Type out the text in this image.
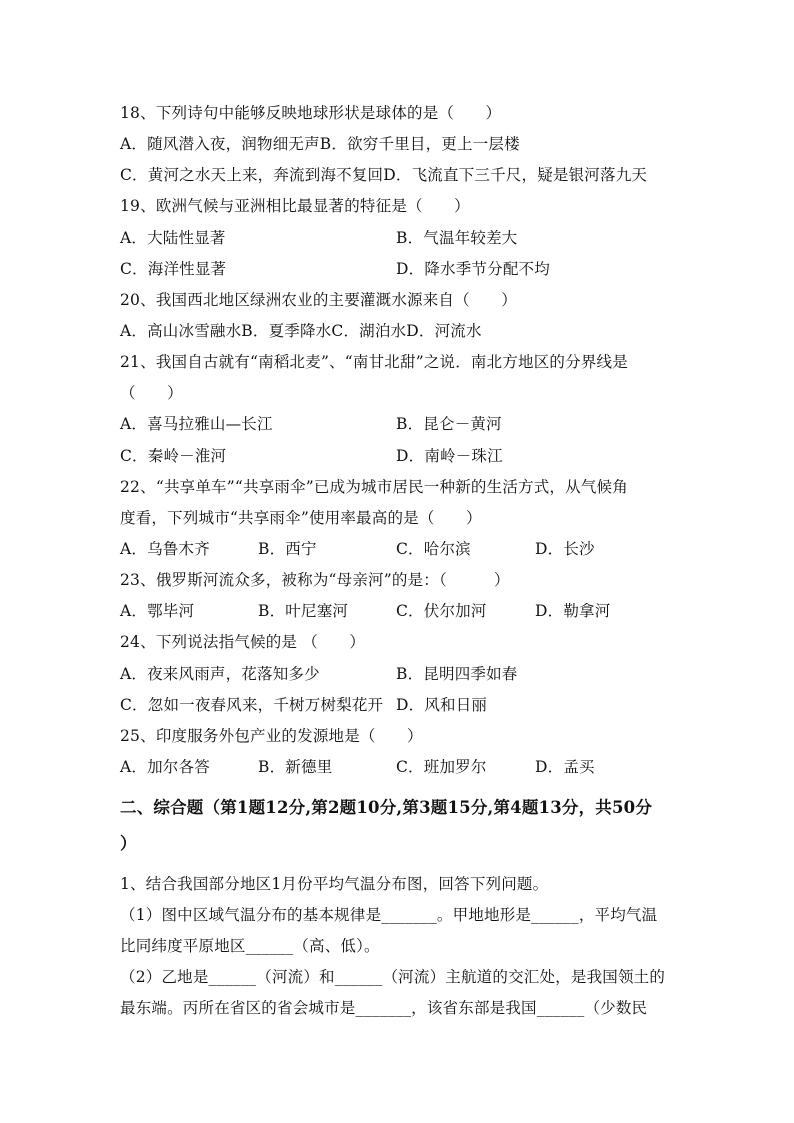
18、下列诗句中能够反映地球形状是球体的是（　　）
A．随风潜入夜，润物细无声B．欲穷千里目，更上一层楼
C．黄河之水天上来，奔流到海不复回D．飞流直下三千尺，疑是银河落九天
19、欧洲气候与亚洲相比最显著的特征是（　　）
A．大陆性显著	B．气温年较差大
C．海洋性显著	D．降水季节分配不均
20、我国西北地区绿洲农业的主要灌溉水源来自（　　）
A．高山冰雪融水B．夏季降水C．湖泊水D．河流水
21、我国自古就有“南稻北麦”、“南甘北甜”之说．南北方地区的分界线是
（　　）
A．喜马拉雅山—长江	B．昆仑－黄河
C．秦岭－淮河	D．南岭－珠江
22、“共享单车”“共享雨伞”已成为城市居民一种新的生活方式，从气候角
度看，下列城市“共享雨伞”使用率最高的是（　　）
A．乌鲁木齐	B．西宁	C．哈尔滨	D．长沙
23、俄罗斯河流众多，被称为“母亲河”的是：（　　　）
A．鄂毕河	B．叶尼塞河	C．伏尔加河	D．勒拿河
24、下列说法指气候的是 （　　）
A．夜来风雨声，花落知多少	B．昆明四季如春
C．忽如一夜春风来，千树万树梨花开 D．风和日丽
25、印度服务外包产业的发源地是（　　）
A．加尔各答	B．新德里	C．班加罗尔	D．孟买
二、综合题（第1题12分,第2题10分,第3题15分,第4题13分，共50分
）
1、结合我国部分地区1月份平均气温分布图，回答下列问题。
（1）图中区域气温分布的基本规律是_______。甲地地形是______，平均气温
比同纬度平原地区______（高、低）。
（2）乙地是______（河流）和______（河流）主航道的交汇处，是我国领土的
最东端。丙所在省区的省会城市是_______，该省东部是我国______（少数民
